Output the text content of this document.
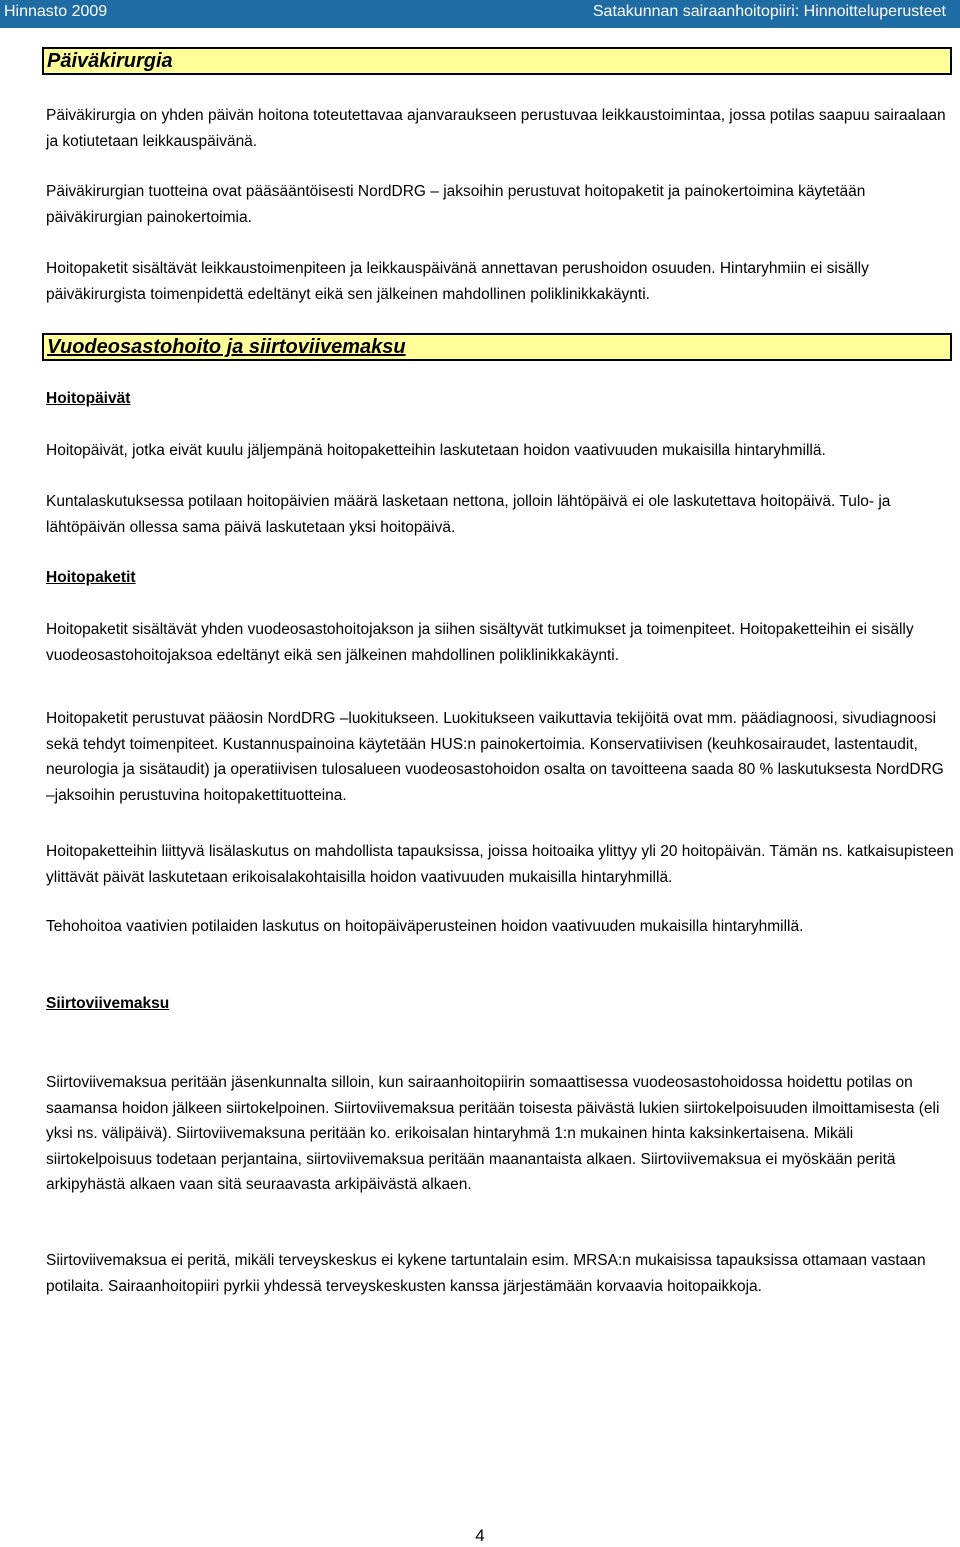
Hinnasto 2009	Satakunnan sairaanhoitopiiri: Hinnoitteluperusteet
Päiväkirurgia

Päiväkirurgia on yhden päivän hoitona toteutettavaa ajanvaraukseen perustuvaa leikkaustoimintaa, jossa potilas saapuu sairaalaan ja kotiutetaan leikkauspäivänä.

Päiväkirurgian tuotteina ovat pääsääntöisesti NordDRG – jaksoihin perustuvat hoitopaketit ja painokertoimina käytetään päiväkirurgian painokertoimia.

Hoitopaketit sisältävät leikkaustoimenpiteen ja leikkauspäivänä annettavan perushoidon osuuden. Hintaryhmiin ei sisälly päiväkirurgista toimenpidettä edeltänyt eikä sen jälkeinen mahdollinen poliklinikkakäynti.

Vuodeosastohoito ja siirtoviivemaksu

Hoitopäivät

Hoitopäivät, jotka eivät kuulu jäljempänä hoitopaketteihin laskutetaan hoidon vaativuuden mukaisilla hintaryhmillä.

Kuntalaskutuksessa potilaan hoitopäivien määrä lasketaan nettona, jolloin lähtöpäivä ei ole laskutettava hoitopäivä. Tulo- ja lähtöpäivän ollessa sama päivä laskutetaan yksi hoitopäivä.

Hoitopaketit

Hoitopaketit sisältävät yhden vuodeosastohoitojakson ja siihen sisältyvät tutkimukset ja toimenpiteet. Hoitopaketteihin ei sisälly vuodeosastohoitojaksoa edeltänyt eikä sen jälkeinen mahdollinen poliklinikkakäynti.

Hoitopaketit perustuvat pääosin NordDRG –luokitukseen. Luokitukseen vaikuttavia tekijöitä ovat mm. päädiagnoosi, sivudiagnoosi sekä tehdyt toimenpiteet. Kustannuspainoina käytetään HUS:n painokertoimia. Konservatiivisen (keuhkosairaudet, lastentaudit, neurologia ja sisätaudit) ja operatiivisen tulosalueen vuodeosastohoidon osalta on tavoitteena saada 80 % laskutuksesta NordDRG –jaksoihin perustuvina hoitopakettituotteina.

Hoitopaketteihin liittyvä lisälaskutus on mahdollista tapauksissa, joissa hoitoaika ylittyy yli 20 hoitopäivän. Tämän ns. katkaisupisteen ylittävät päivät laskutetaan erikoisalakohtaisilla hoidon vaativuuden mukaisilla hintaryhmillä.

Tehohoitoa vaativien potilaiden laskutus on hoitopäiväperusteinen hoidon vaativuuden mukaisilla hintaryhmillä.

Siirtoviivemaksu

Siirtoviivemaksua peritään jäsenkunnalta silloin, kun sairaanhoitopiirin somaattisessa vuodeosastohoidossa hoidettu potilas on saamansa hoidon jälkeen siirtokelpoinen. Siirtoviivemaksua peritään toisesta päivästä lukien siirtokelpoisuuden ilmoittamisesta (eli yksi ns. välipäivä). Siirtoviivemaksuna peritään ko. erikoisalan hintaryhmä 1:n mukainen hinta kaksinkertaisena. Mikäli siirtokelpoisuus todetaan perjantaina, siirtoviivemaksua peritään maanantaista alkaen. Siirtoviivemaksua ei myöskään peritä arkipyhästä alkaen vaan sitä seuraavasta arkipäivästä alkaen.

Siirtoviivemaksua ei peritä, mikäli terveyskeskus ei kykene tartuntalain esim. MRSA:n mukaisissa tapauksissa ottamaan vastaan potilaita. Sairaanhoitopiiri pyrkii yhdessä terveyskeskusten kanssa järjestämään korvaavia hoitopaikkoja.

4
